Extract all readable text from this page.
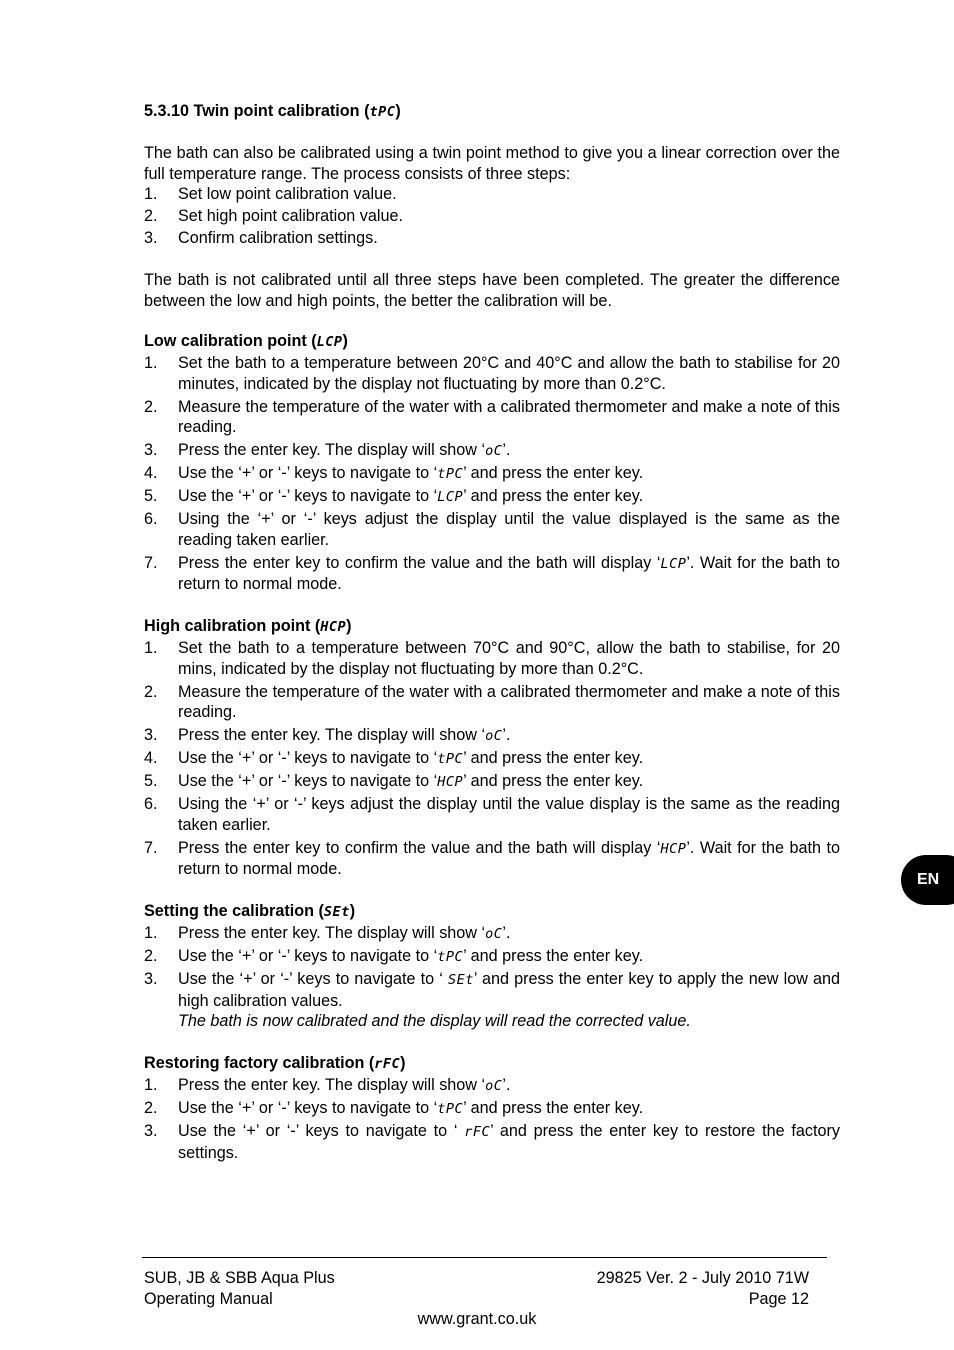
5.3.10 Twin point calibration (tPC)

The bath can also be calibrated using a twin point method to give you a linear correction over the full temperature range. The process consists of three steps:

1. Set low point calibration value.
2. Set high point calibration value.
3. Confirm calibration settings.

The bath is not calibrated until all three steps have been completed. The greater the difference between the low and high points, the better the calibration will be.

Low calibration point (LCP)
1. Set the bath to a temperature between 20°C and 40°C and allow the bath to stabilise for 20 minutes, indicated by the display not fluctuating by more than 0.2°C.
2. Measure the temperature of the water with a calibrated thermometer and make a note of this reading.
3. Press the enter key. The display will show ‘oC’.
4. Use the ‘+’ or ‘-’ keys to navigate to ‘tPC’ and press the enter key.
5. Use the ‘+’ or ‘-’ keys to navigate to ‘LCP’ and press the enter key.
6. Using the ‘+’ or ‘-’ keys adjust the display until the value displayed is the same as the reading taken earlier.
7. Press the enter key to confirm the value and the bath will display ‘LCP’. Wait for the bath to return to normal mode.
High calibration point (HCP)
1. Set the bath to a temperature between 70°C and 90°C, allow the bath to stabilise, for 20 mins, indicated by the display not fluctuating by more than 0.2°C.
2. Measure the temperature of the water with a calibrated thermometer and make a note of this reading.
3. Press the enter key. The display will show ‘oC’.
4. Use the ‘+’ or ‘-’ keys to navigate to ‘tPC’ and press the enter key.
5. Use the ‘+’ or ‘-’ keys to navigate to ‘HCP’ and press the enter key.
6. Using the ‘+’ or ‘-’ keys adjust the display until the value display is the same as the reading taken earlier.
7. Press the enter key to confirm the value and the bath will display ‘HCP’. Wait for the bath to return to normal mode.
Setting the calibration (SEt)
1. Press the enter key. The display will show ‘oC’.
2. Use the ‘+’ or ‘-’ keys to navigate to ‘tPC’ and press the enter key.
3. Use the ‘+’ or ‘-’ keys to navigate to ‘ SEt’ and press the enter key to apply the new low and high calibration values.
The bath is now calibrated and the display will read the corrected value.
Restoring factory calibration (rFC)
1. Press the enter key. The display will show ‘oC’.
2. Use the ‘+’ or ‘-’ keys to navigate to ‘tPC’ and press the enter key.
3. Use the ‘+’ or ‘-’ keys to navigate to ‘ rFC’ and press the enter key to restore the factory settings.
EN
SUB, JB & SBB Aqua Plus
Operating Manual
29825 Ver. 2 - July 2010 71W
Page 12
www.grant.co.uk
